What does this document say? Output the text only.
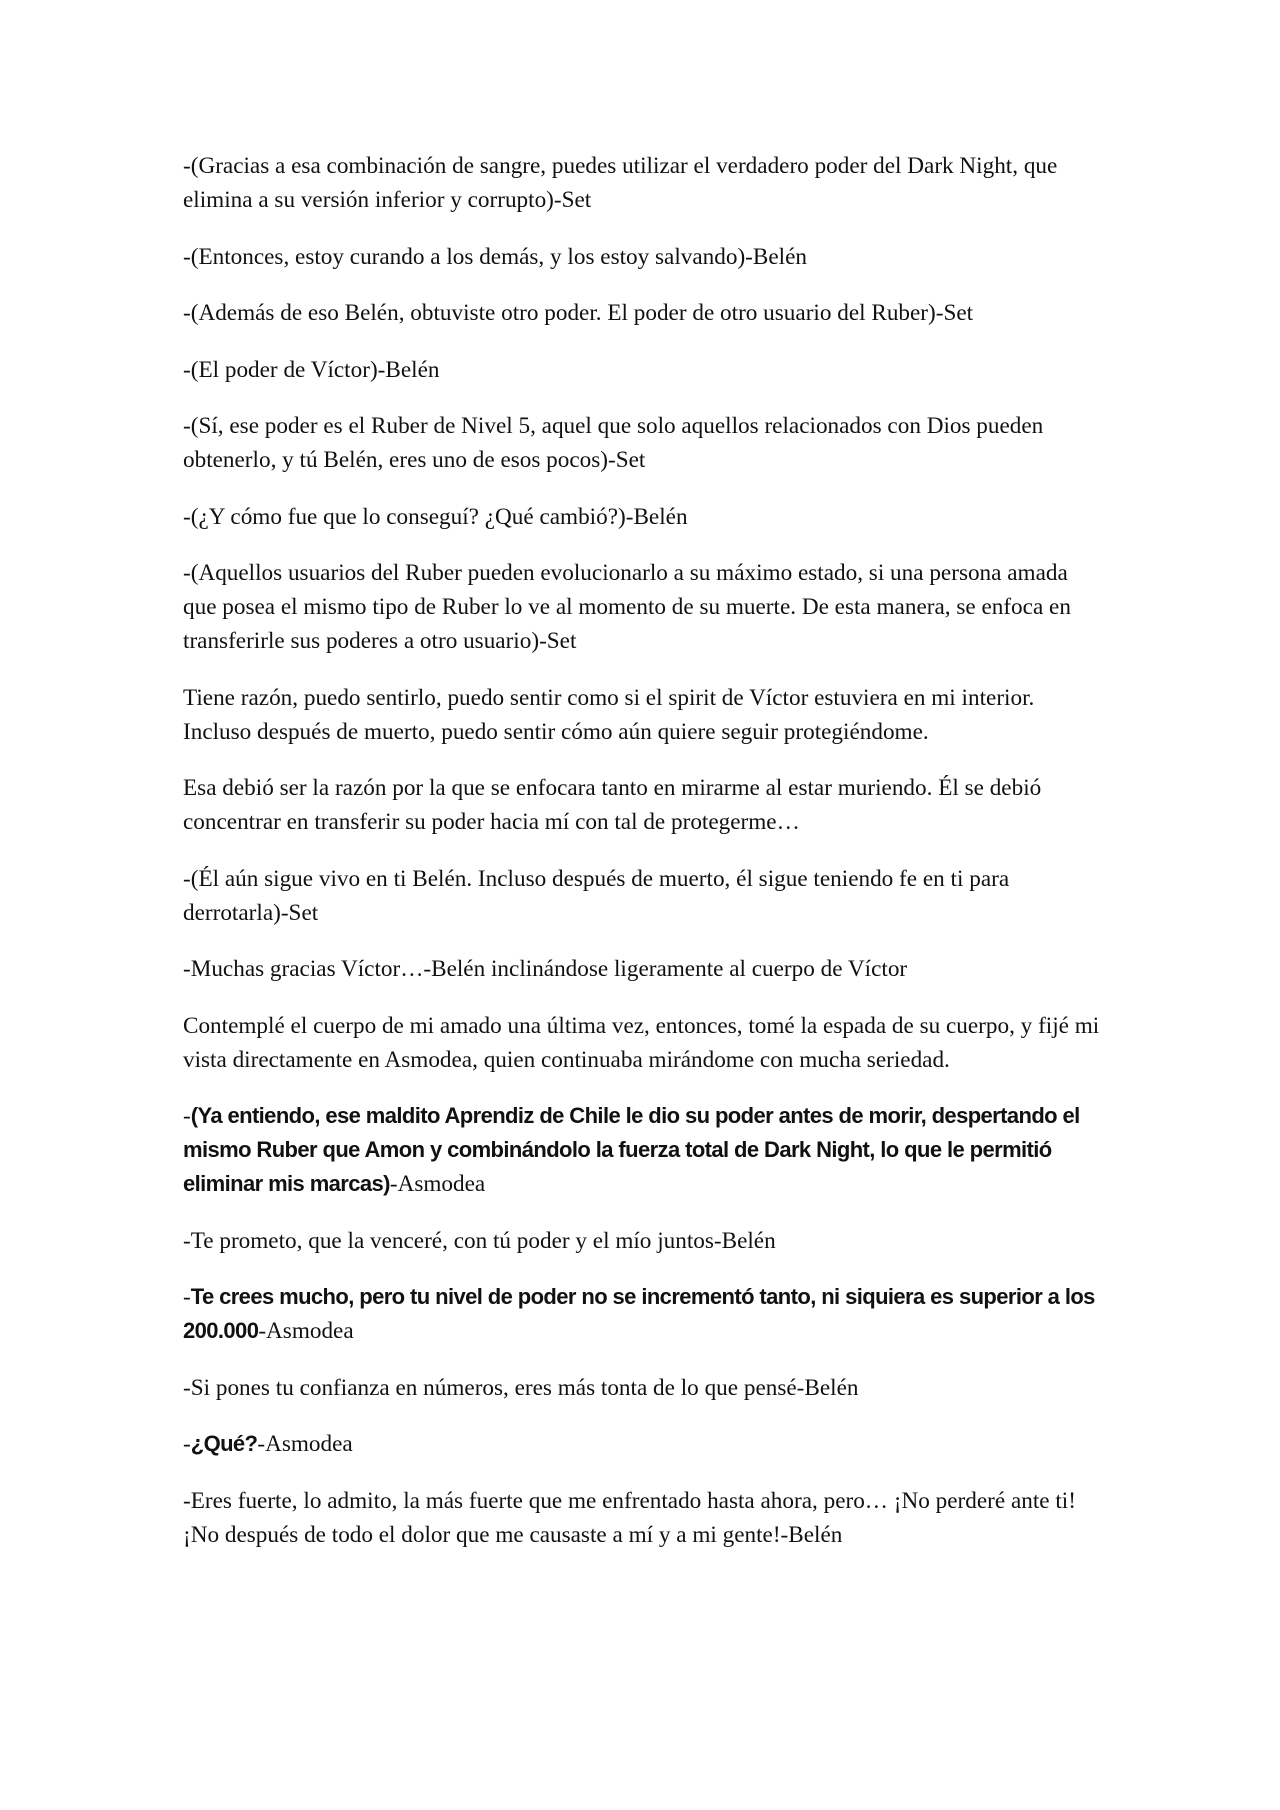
-(Gracias a esa combinación de sangre, puedes utilizar el verdadero poder del Dark Night, que elimina a su versión inferior y corrupto)-Set

-(Entonces, estoy curando a los demás, y los estoy salvando)-Belén

-(Además de eso Belén, obtuviste otro poder. El poder de otro usuario del Ruber)-Set

-(El poder de Víctor)-Belén

-(Sí, ese poder es el Ruber de Nivel 5, aquel que solo aquellos relacionados con Dios pueden obtenerlo, y tú Belén, eres uno de esos pocos)-Set

-(¿Y cómo fue que lo conseguí? ¿Qué cambió?)-Belén

-(Aquellos usuarios del Ruber pueden evolucionarlo a su máximo estado, si una persona amada que posea el mismo tipo de Ruber lo ve al momento de su muerte. De esta manera, se enfoca en transferirle sus poderes a otro usuario)-Set

Tiene razón, puedo sentirlo, puedo sentir como si el spirit de Víctor estuviera en mi interior. Incluso después de muerto, puedo sentir cómo aún quiere seguir protegiéndome.

Esa debió ser la razón por la que se enfocara tanto en mirarme al estar muriendo. Él se debió concentrar en transferir su poder hacia mí con tal de protegerme…

-(Él aún sigue vivo en ti Belén. Incluso después de muerto, él sigue teniendo fe en ti para derrotarla)-Set

-Muchas gracias Víctor…-Belén inclinándose ligeramente al cuerpo de Víctor

Contemplé el cuerpo de mi amado una última vez, entonces, tomé la espada de su cuerpo, y fijé mi vista directamente en Asmodea, quien continuaba mirándome con mucha seriedad.

-(Ya entiendo, ese maldito Aprendiz de Chile le dio su poder antes de morir, despertando el mismo Ruber que Amon y combinándolo la fuerza total de Dark Night, lo que le permitió eliminar mis marcas)-Asmodea

-Te prometo, que la venceré, con tú poder y el mío juntos-Belén

-Te crees mucho, pero tu nivel de poder no se incrementó tanto, ni siquiera es superior a los 200.000-Asmodea

-Si pones tu confianza en números, eres más tonta de lo que pensé-Belén

-¿Qué?-Asmodea

-Eres fuerte, lo admito, la más fuerte que me enfrentado hasta ahora, pero… ¡No perderé ante ti! ¡No después de todo el dolor que me causaste a mí y a mi gente!-Belén
